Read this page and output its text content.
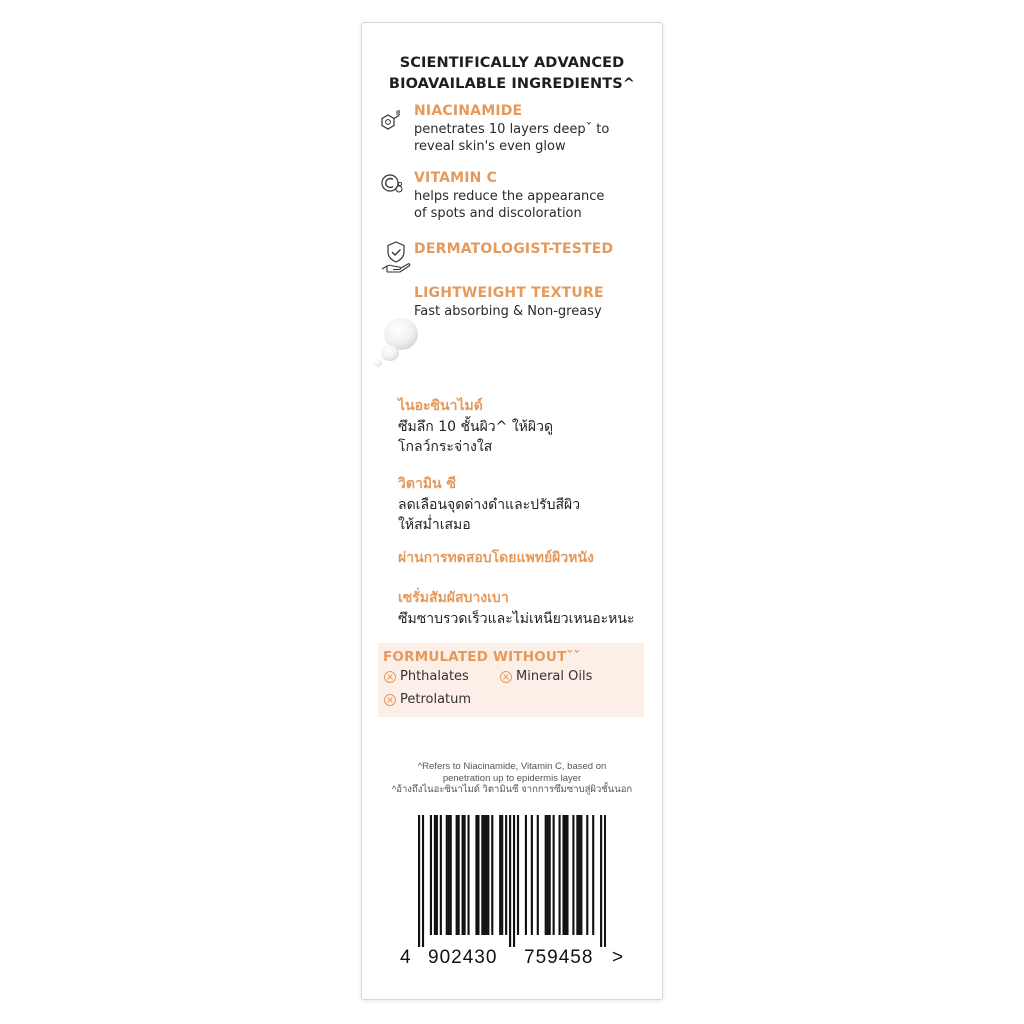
SCIENTIFICALLY ADVANCED
BIOAVAILABLE INGREDIENTS^
NIACINAMIDE
penetrates 10 layers deepˇ to
reveal skin's even glow
VITAMIN C
helps reduce the appearance
of spots and discoloration
DERMATOLOGIST-TESTED
LIGHTWEIGHT TEXTURE
Fast absorbing & Non-greasy
ไนอะซินาไมด์
ซึมลึก 10 ชั้นผิว^ ให้ผิวดู
โกลว์กระจ่างใส
วิตามิน ซี
ลดเลือนจุดด่างดำและปรับสีผิว
ให้สม่ำเสมอ
ผ่านการทดสอบโดยแพทย์ผิวหนัง
เซรั่มสัมผัสบางเบา
ซึมซาบรวดเร็วและไม่เหนียวเหนอะหนะ
FORMULATED WITHOUTˇˇ
Phthalates	Mineral Oils
Petrolatum
^Refers to Niacinamide, Vitamin C, based on
penetration up to epidermis layer
^อ้างถึงไนอะซินาไมด์ วิตามินซี จากการซึมซาบสู่ผิวชั้นนอก
4 902430 759458 >
